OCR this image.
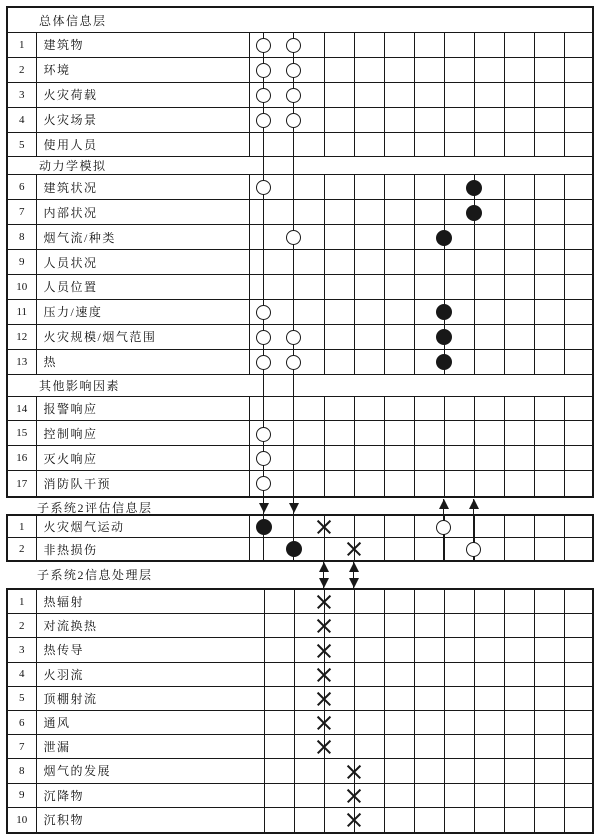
总体信息层
1 建筑物
2 环境
3 火灾荷载
4 火灾场景
5 使用人员
动力学模拟
6 建筑状况
7 内部状况
8 烟气流/种类
9 人员状况
10 人员位置
11 压力/速度
12 火灾规模/烟气范围
13 热
其他影响因素
14 报警响应
15 控制响应
16 灭火响应
17 消防队干预
1 火灾烟气运动
2 非热损伤
子系统2评估信息层
1 热辐射
2 对流换热
3 热传导
4 火羽流
5 顶棚射流
6 通风
7 泄漏
8 烟气的发展
9 沉降物
10 沉积物
子系统2信息处理层
